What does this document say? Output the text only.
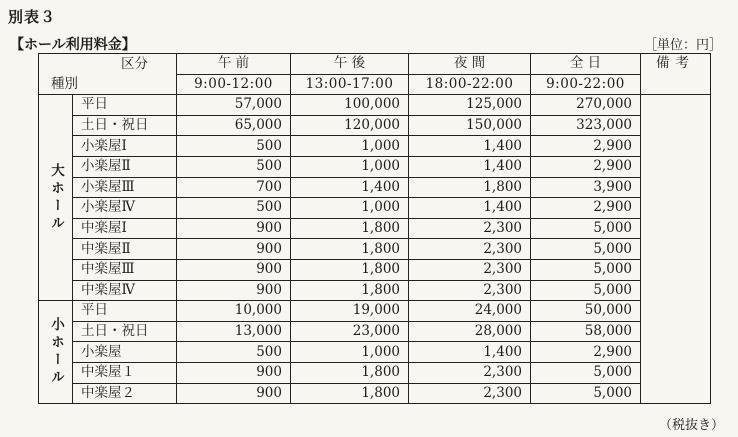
別表３
【ホール利用料金】	［単位：円］
区分		午 前	午 後	夜 間	全 日	備考
種別		9:00-12:00	13:00-17:00	18:00-22:00	9:00-22:00	
大ホール	平日	57,000	100,000	125,000	270,000	
	土日・祝日	65,000	120,000	150,000	323,000	
	小楽屋Ⅰ	500	1,000	1,400	2,900	
	小楽屋Ⅱ	500	1,000	1,400	2,900	
	小楽屋Ⅲ	700	1,400	1,800	3,900	
	小楽屋Ⅳ	500	1,000	1,400	2,900	
	中楽屋Ⅰ	900	1,800	2,300	5,000	
	中楽屋Ⅱ	900	1,800	2,300	5,000	
	中楽屋Ⅲ	900	1,800	2,300	5,000	
	中楽屋Ⅳ	900	1,800	2,300	5,000	
小ホール	平日	10,000	19,000	24,000	50,000	
	土日・祝日	13,000	23,000	28,000	58,000	
	小楽屋	500	1,000	1,400	2,900	
	中楽屋１	900	1,800	2,300	5,000	
	中楽屋２	900	1,800	2,300	5,000	
（税抜き）
